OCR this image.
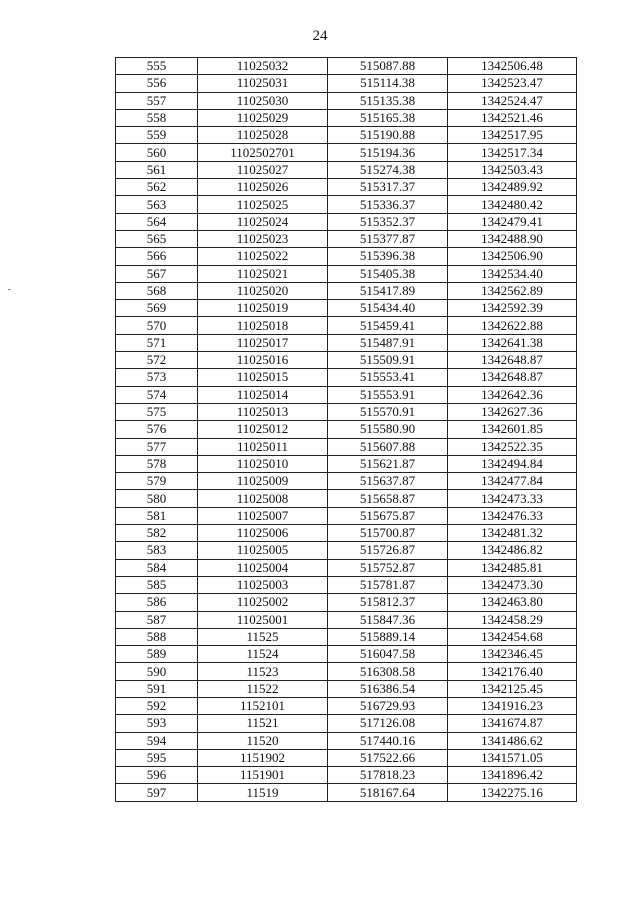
24
555	11025032	515087.88	1342506.48
556	11025031	515114.38	1342523.47
557	11025030	515135.38	1342524.47
558	11025029	515165.38	1342521.46
559	11025028	515190.88	1342517.95
560	1102502701	515194.36	1342517.34
561	11025027	515274.38	1342503.43
562	11025026	515317.37	1342489.92
563	11025025	515336.37	1342480.42
564	11025024	515352.37	1342479.41
565	11025023	515377.87	1342488.90
566	11025022	515396.38	1342506.90
567	11025021	515405.38	1342534.40
568	11025020	515417.89	1342562.89
569	11025019	515434.40	1342592.39
570	11025018	515459.41	1342622.88
571	11025017	515487.91	1342641.38
572	11025016	515509.91	1342648.87
573	11025015	515553.41	1342648.87
574	11025014	515553.91	1342642.36
575	11025013	515570.91	1342627.36
576	11025012	515580.90	1342601.85
577	11025011	515607.88	1342522.35
578	11025010	515621.87	1342494.84
579	11025009	515637.87	1342477.84
580	11025008	515658.87	1342473.33
581	11025007	515675.87	1342476.33
582	11025006	515700.87	1342481.32
583	11025005	515726.87	1342486.82
584	11025004	515752.87	1342485.81
585	11025003	515781.87	1342473.30
586	11025002	515812.37	1342463.80
587	11025001	515847.36	1342458.29
588	11525	515889.14	1342454.68
589	11524	516047.58	1342346.45
590	11523	516308.58	1342176.40
591	11522	516386.54	1342125.45
592	1152101	516729.93	1341916.23
593	11521	517126.08	1341674.87
594	11520	517440.16	1341486.62
595	1151902	517522.66	1341571.05
596	1151901	517818.23	1341896.42
597	11519	518167.64	1342275.16
